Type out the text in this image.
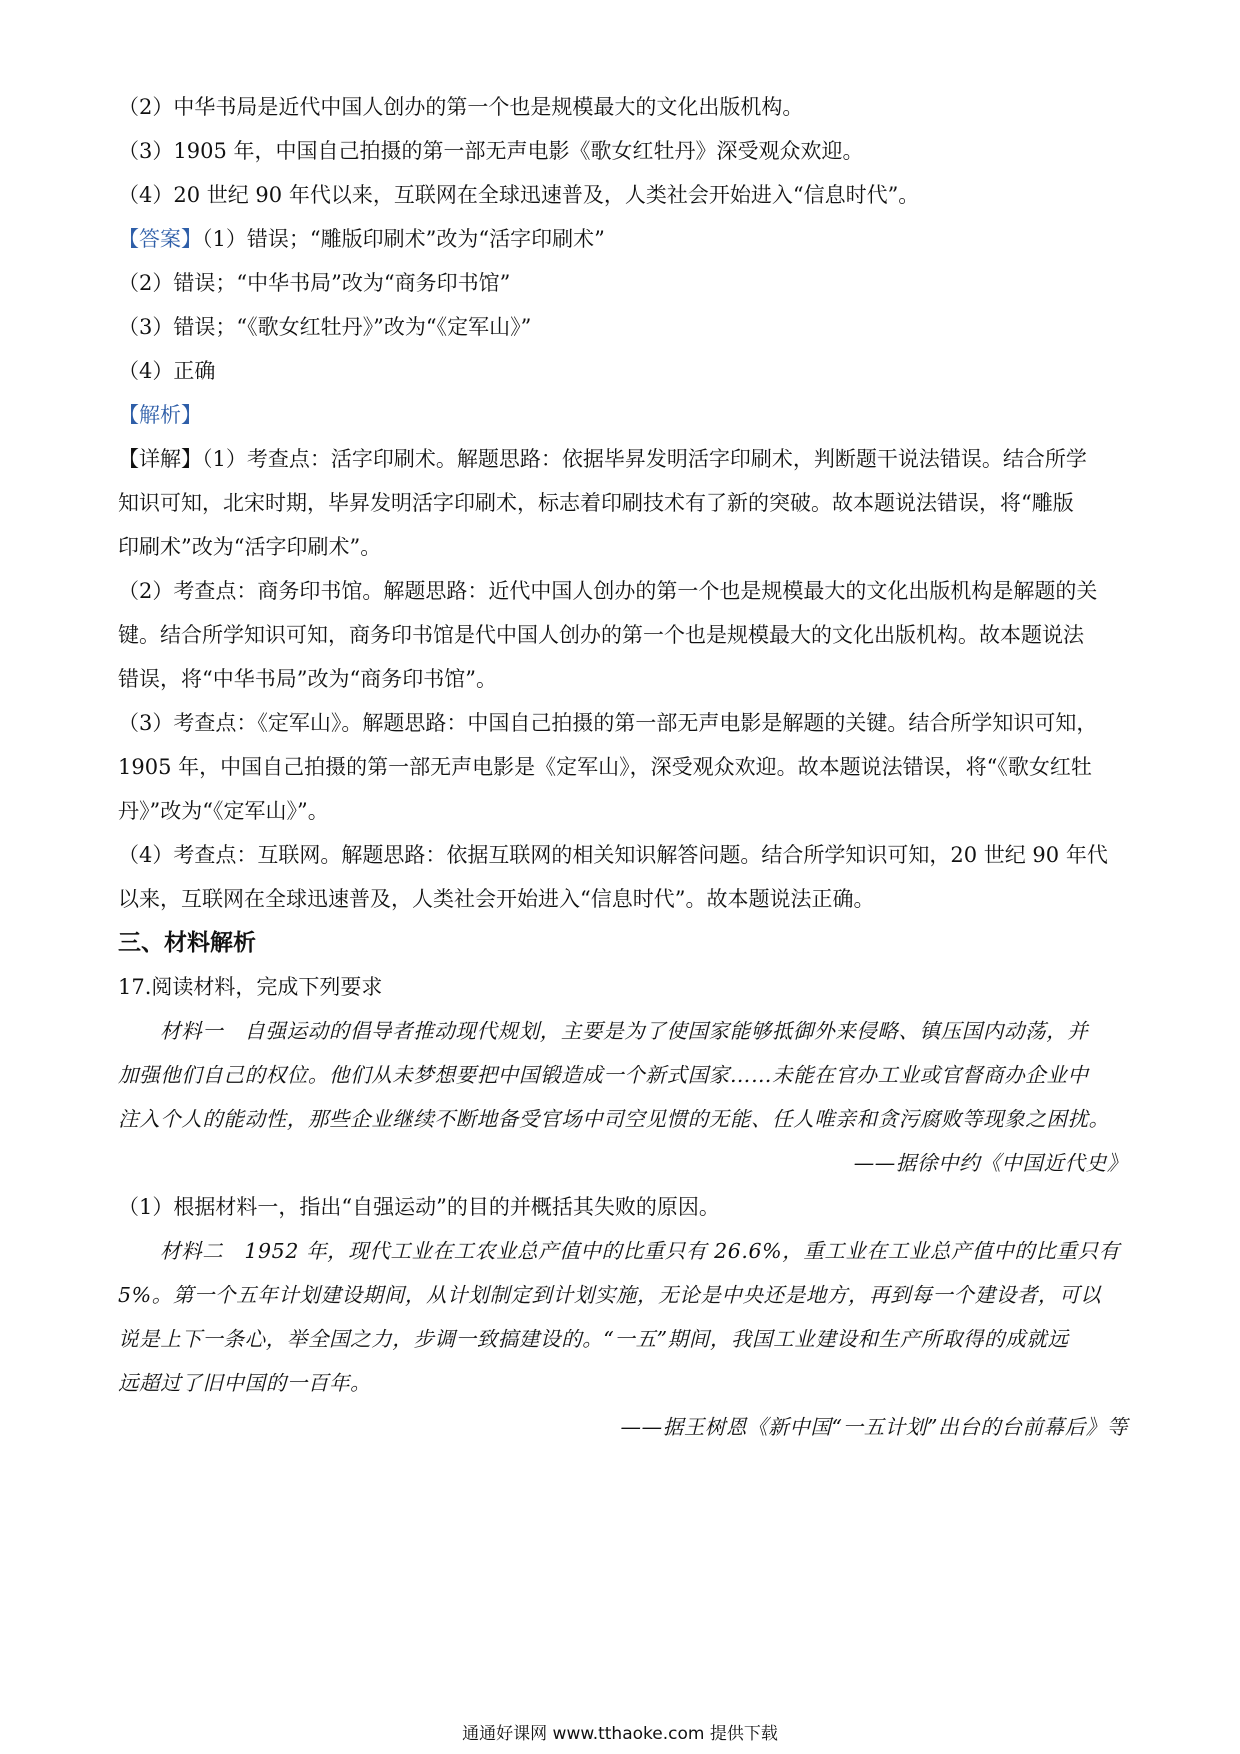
（2）中华书局是近代中国人创办的第一个也是规模最大的文化出版机构。
（3）1905 年，中国自己拍摄的第一部无声电影《歌女红牡丹》深受观众欢迎。
（4）20 世纪 90 年代以来，互联网在全球迅速普及，人类社会开始进入“信息时代”。
【答案】（1）错误；“雕版印刷术”改为“活字印刷术”
（2）错误；“中华书局”改为“商务印书馆”
（3）错误；“《歌女红牡丹》”改为“《定军山》”
（4）正确
【解析】
【详解】（1）考查点：活字印刷术。解题思路：依据毕昇发明活字印刷术，判断题干说法错误。结合所学
知识可知，北宋时期，毕昇发明活字印刷术，标志着印刷技术有了新的突破。故本题说法错误，将“雕版
印刷术”改为“活字印刷术”。
（2）考查点：商务印书馆。解题思路：近代中国人创办的第一个也是规模最大的文化出版机构是解题的关
键。结合所学知识可知，商务印书馆是代中国人创办的第一个也是规模最大的文化出版机构。故本题说法
错误，将“中华书局”改为“商务印书馆”。
（3）考查点：《定军山》。解题思路：中国自己拍摄的第一部无声电影是解题的关键。结合所学知识可知，
1905 年，中国自己拍摄的第一部无声电影是《定军山》，深受观众欢迎。故本题说法错误，将“《歌女红牡
丹》”改为“《定军山》”。
（4）考查点：互联网。解题思路：依据互联网的相关知识解答问题。结合所学知识可知，20 世纪 90 年代
以来，互联网在全球迅速普及，人类社会开始进入“信息时代”。故本题说法正确。
三、材料解析
17.阅读材料，完成下列要求
材料一　自强运动的倡导者推动现代规划，主要是为了使国家能够抵御外来侵略、镇压国内动荡，并
加强他们自己的权位。他们从未梦想要把中国锻造成一个新式国家……未能在官办工业或官督商办企业中
注入个人的能动性，那些企业继续不断地备受官场中司空见惯的无能、任人唯亲和贪污腐败等现象之困扰。
——据徐中约《中国近代史》
（1）根据材料一，指出“自强运动”的目的并概括其失败的原因。
材料二　1952 年，现代工业在工农业总产值中的比重只有 26.6%，重工业在工业总产值中的比重只有
5%。第一个五年计划建设期间，从计划制定到计划实施，无论是中央还是地方，再到每一个建设者，可以
说是上下一条心，举全国之力，步调一致搞建设的。“一五”期间，我国工业建设和生产所取得的成就远
远超过了旧中国的一百年。
——据王树恩《新中国“一五计划”出台的台前幕后》等
通通好课网 www.tthaoke.com 提供下载
